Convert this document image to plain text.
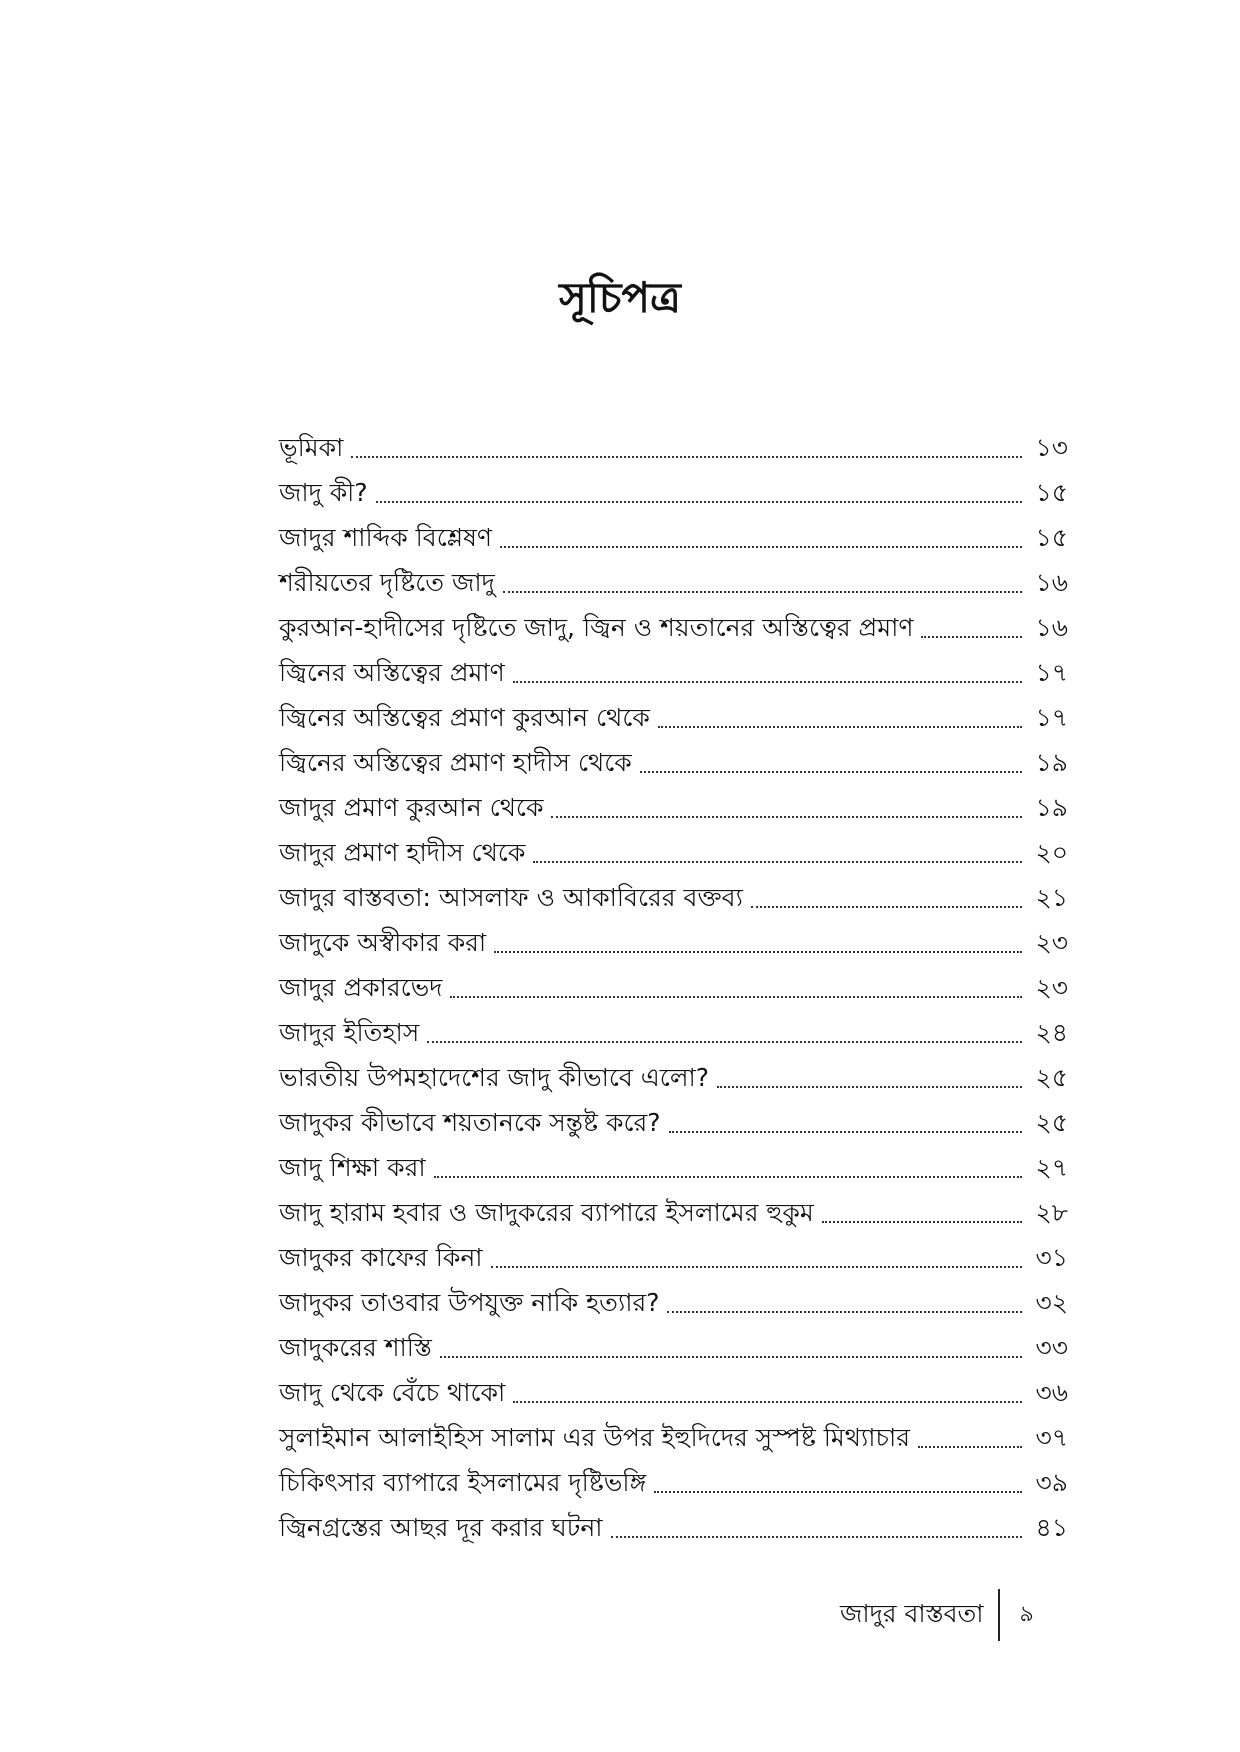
সূচিপত্র
ভূমিকা	১৩
জাদু কী?	১৫
জাদুর শাব্দিক বিশ্লেষণ	১৫
শরীয়তের দৃষ্টিতে জাদু	১৬
কুরআন-হাদীসের দৃষ্টিতে জাদু, জ্বিন ও শয়তানের অস্তিত্বের প্রমাণ	১৬
জ্বিনের অস্তিত্বের প্রমাণ	১৭
জ্বিনের অস্তিত্বের প্রমাণ কুরআন থেকে	১৭
জ্বিনের অস্তিত্বের প্রমাণ হাদীস থেকে	১৯
জাদুর প্রমাণ কুরআন থেকে	১৯
জাদুর প্রমাণ হাদীস থেকে	২০
জাদুর বাস্তবতা: আসলাফ ও আকাবিরের বক্তব্য	২১
জাদুকে অস্বীকার করা	২৩
জাদুর প্রকারভেদ	২৩
জাদুর ইতিহাস	২৪
ভারতীয় উপমহাদেশের জাদু কীভাবে এলো?	২৫
জাদুকর কীভাবে শয়তানকে সন্তুষ্ট করে?	২৫
জাদু শিক্ষা করা	২৭
জাদু হারাম হবার ও জাদুকরের ব্যাপারে ইসলামের হুকুম	২৮
জাদুকর কাফের কিনা	৩১
জাদুকর তাওবার উপযুক্ত নাকি হত্যার?	৩২
জাদুকরের শাস্তি	৩৩
জাদু থেকে বেঁচে থাকো	৩৬
সুলাইমান আলাইহিস সালাম এর উপর ইহুদিদের সুস্পষ্ট মিথ্যাচার	৩৭
চিকিৎসার ব্যাপারে ইসলামের দৃষ্টিভঙ্গি	৩৯
জ্বিনগ্রস্তের আছর দূর করার ঘটনা	৪১
জাদুর বাস্তবতা	৯
